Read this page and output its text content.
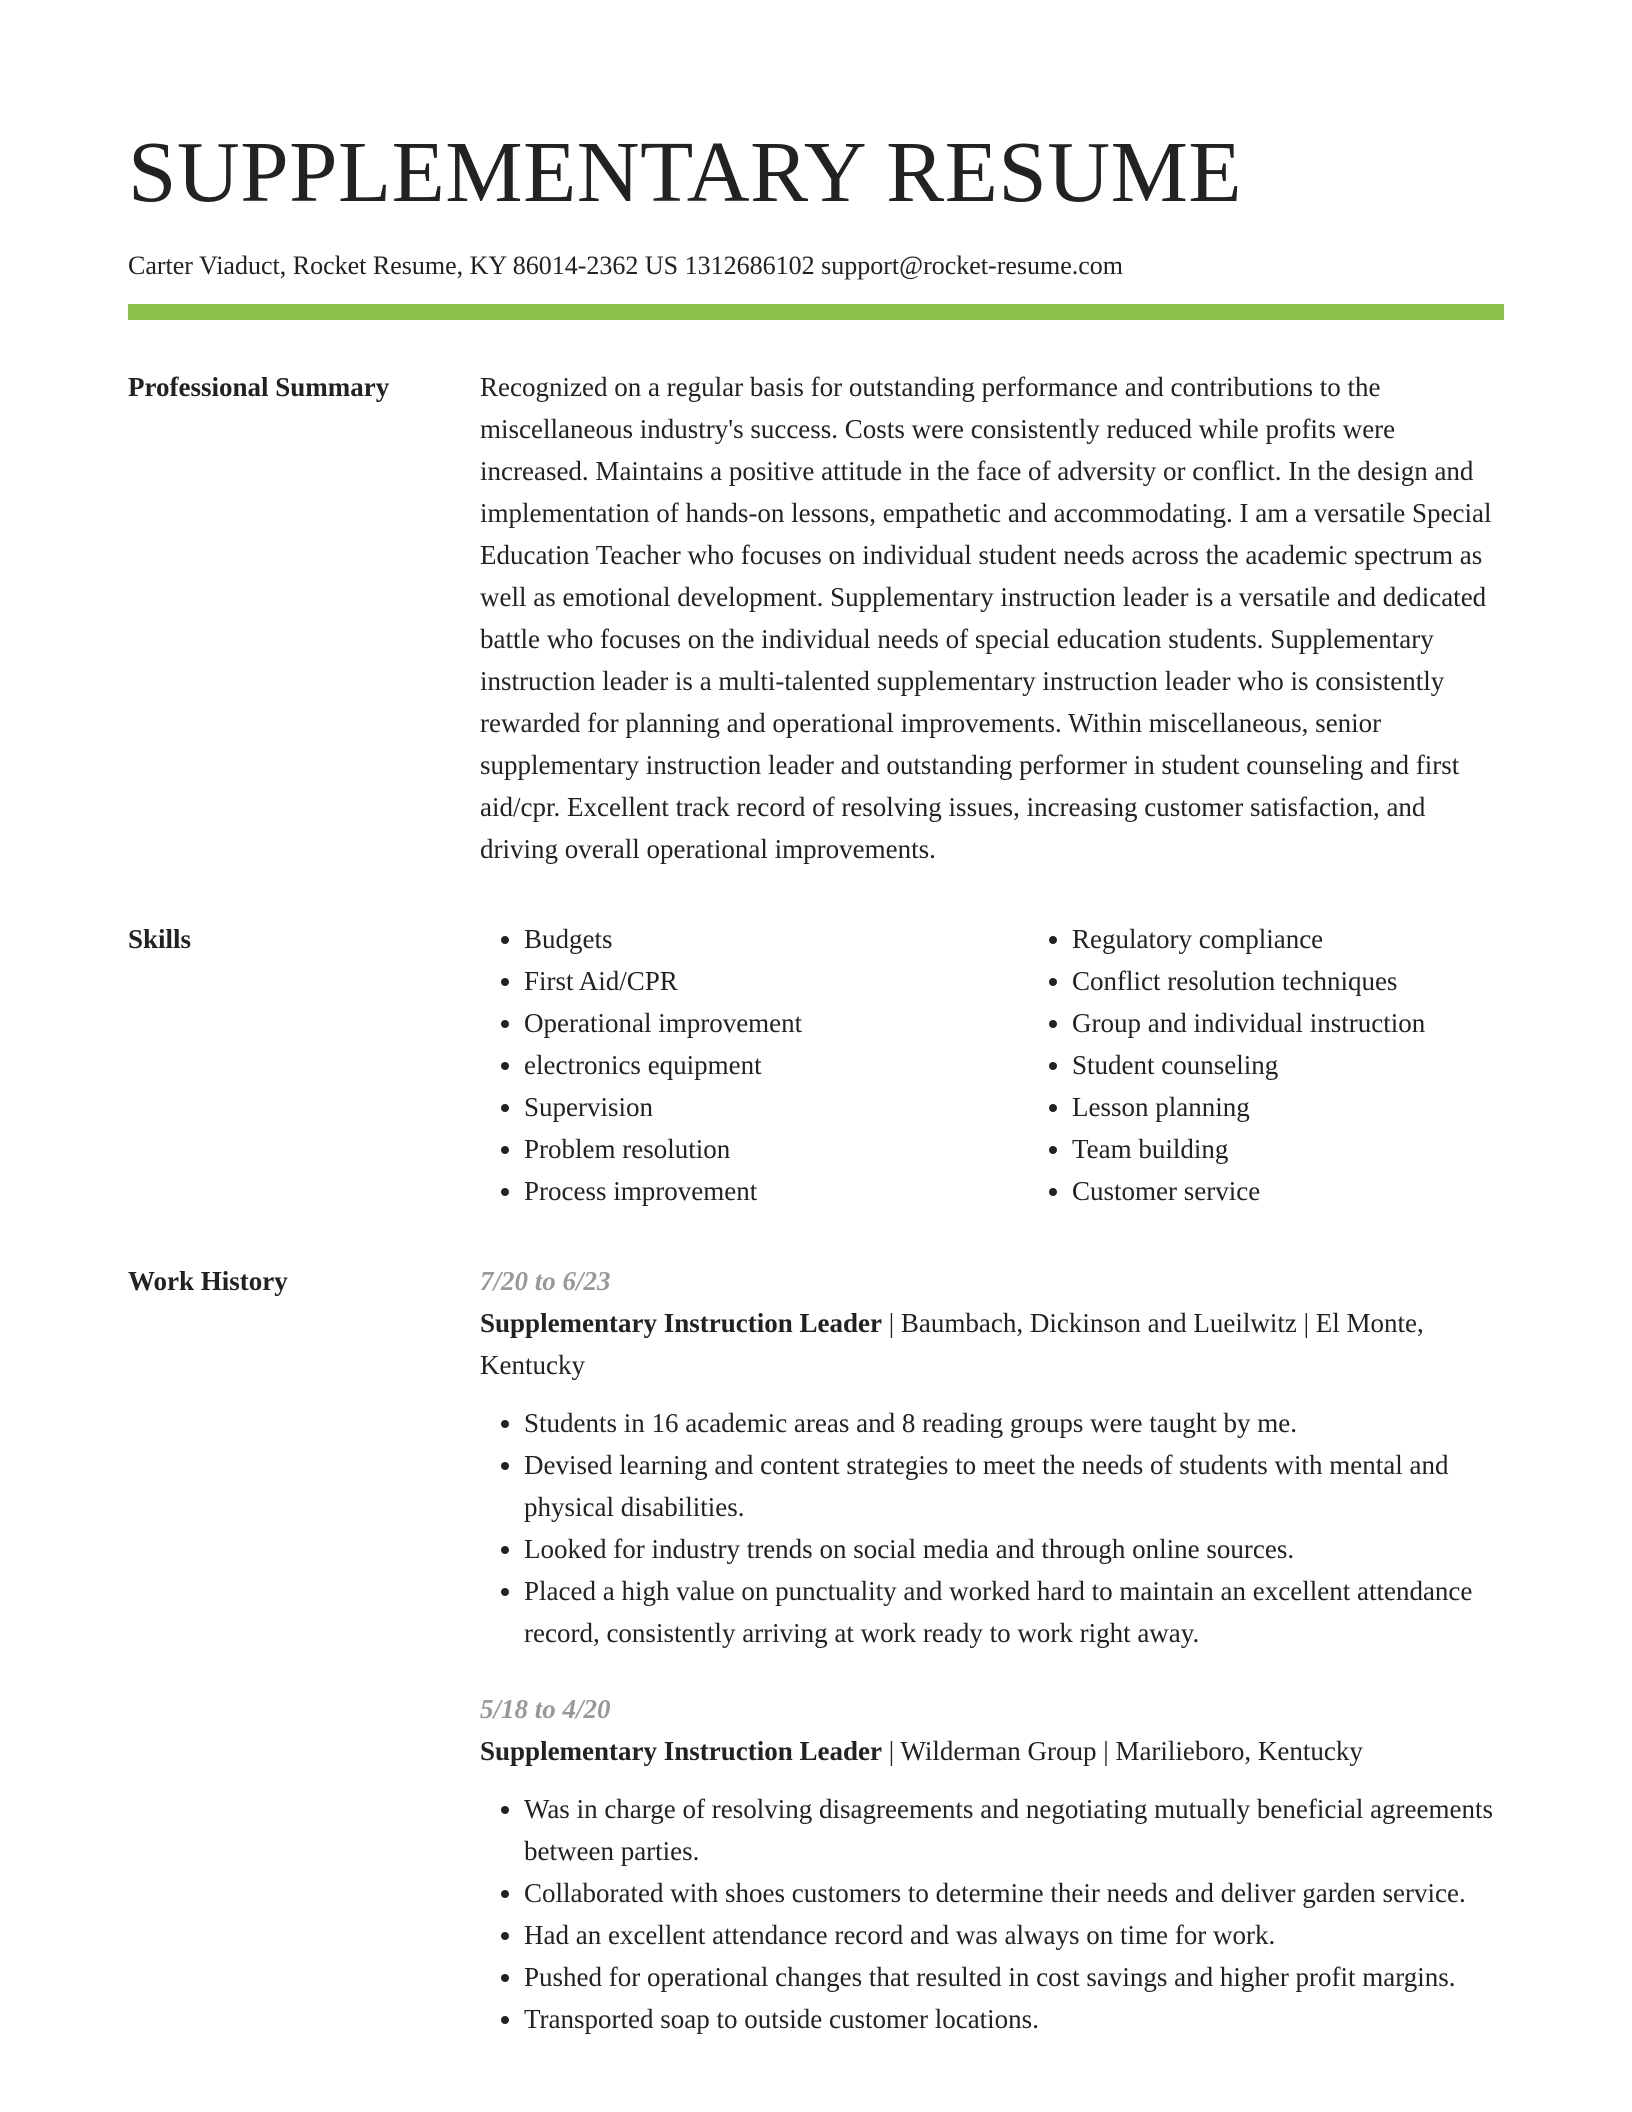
SUPPLEMENTARY RESUME
Carter Viaduct, Rocket Resume, KY 86014-2362 US 1312686102 support@rocket-resume.com
Professional Summary	Recognized on a regular basis for outstanding performance and contributions to the miscellaneous industry's success. Costs were consistently reduced while profits were increased. Maintains a positive attitude in the face of adversity or conflict. In the design and implementation of hands-on lessons, empathetic and accommodating. I am a versatile Special Education Teacher who focuses on individual student needs across the academic spectrum as well as emotional development. Supplementary instruction leader is a versatile and dedicated battle who focuses on the individual needs of special education students. Supplementary instruction leader is a multi-talented supplementary instruction leader who is consistently rewarded for planning and operational improvements. Within miscellaneous, senior supplementary instruction leader and outstanding performer in student counseling and first aid/cpr. Excellent track record of resolving issues, increasing customer satisfaction, and driving overall operational improvements.

Skills
•	Budgets
• First Aid/CPR
• Operational improvement
• electronics equipment
• Supervision
• Problem resolution
• Process improvement
• Regulatory compliance
• Conflict resolution techniques
• Group and individual instruction
• Student counseling
• Lesson planning
• Team building
• Customer service
Work History	7/20 to 6/23
Supplementary Instruction Leader | Baumbach, Dickinson and Lueilwitz | El Monte, Kentucky
• Students in 16 academic areas and 8 reading groups were taught by me.
• Devised learning and content strategies to meet the needs of students with mental and physical disabilities.
• Looked for industry trends on social media and through online sources.
• Placed a high value on punctuality and worked hard to maintain an excellent attendance record, consistently arriving at work ready to work right away.
5/18 to 4/20
Supplementary Instruction Leader | Wilderman Group | Marilieboro, Kentucky
• Was in charge of resolving disagreements and negotiating mutually beneficial agreements between parties.
• Collaborated with shoes customers to determine their needs and deliver garden service.
• Had an excellent attendance record and was always on time for work.
• Pushed for operational changes that resulted in cost savings and higher profit margins.
• Transported soap to outside customer locations.
